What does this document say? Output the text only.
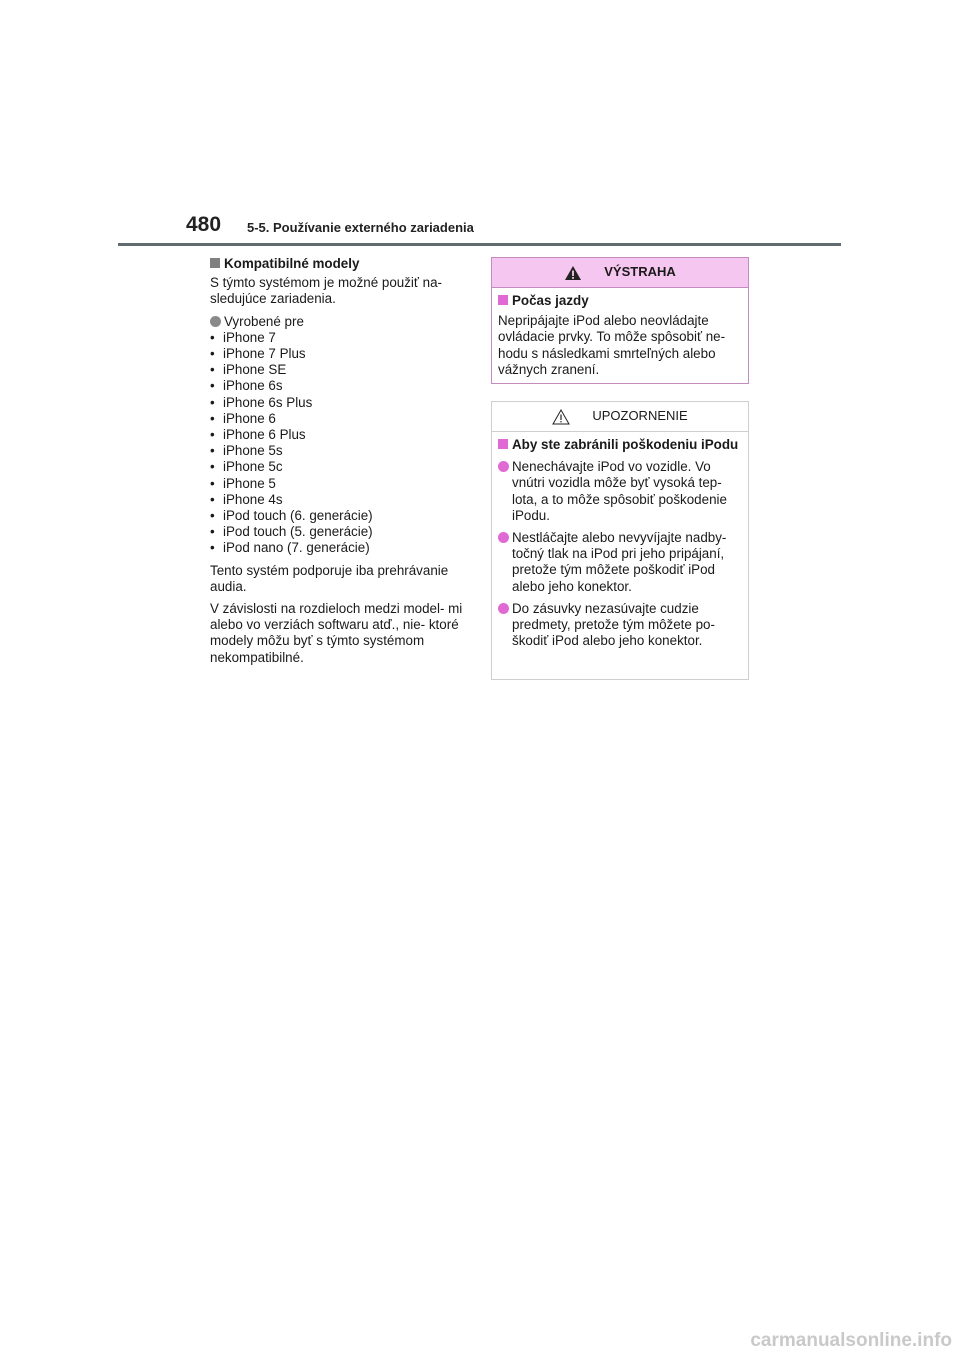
480 5-5. Používanie externého zariadenia
Kompatibilné modely

S týmto systémom je možné použiť na- sledujúce zariadenia.

Vyrobené pre
• iPhone 7
• iPhone 7 Plus
• iPhone SE
• iPhone 6s
• iPhone 6s Plus
• iPhone 6
• iPhone 6 Plus
• iPhone 5s
• iPhone 5c
• iPhone 5
• iPhone 4s
• iPod touch (6. generácie)
• iPod touch (5. generácie)
• iPod nano (7. generácie)

Tento systém podporuje iba prehrávanie audia.

V závislosti na rozdieloch medzi model- mi alebo vo verziách softwaru atď., nie- ktoré modely môžu byť s týmto systémom nekompatibilné.

VÝSTRAHA

Počas jazdy

Nepripájajte iPod alebo neovládajte ovládacie prvky. To môže spôsobiť ne- hodu s následkami smrteľných alebo vážnych zranení.

UPOZORNENIE

Aby ste zabránili poškodeniu iPodu

Nenechávajte iPod vo vozidle. Vo vnútri vozidla môže byť vysoká tep- lota, a to môže spôsobiť poškodenie iPodu.

Nestláčajte alebo nevyvíjajte nadby- točný tlak na iPod pri jeho pripájaní, pretože tým môžete poškodiť iPod alebo jeho konektor.

Do zásuvky nezasúvajte cudzie predmety, pretože tým môžete po- škodiť iPod alebo jeho konektor.

carmanualsonline.info
